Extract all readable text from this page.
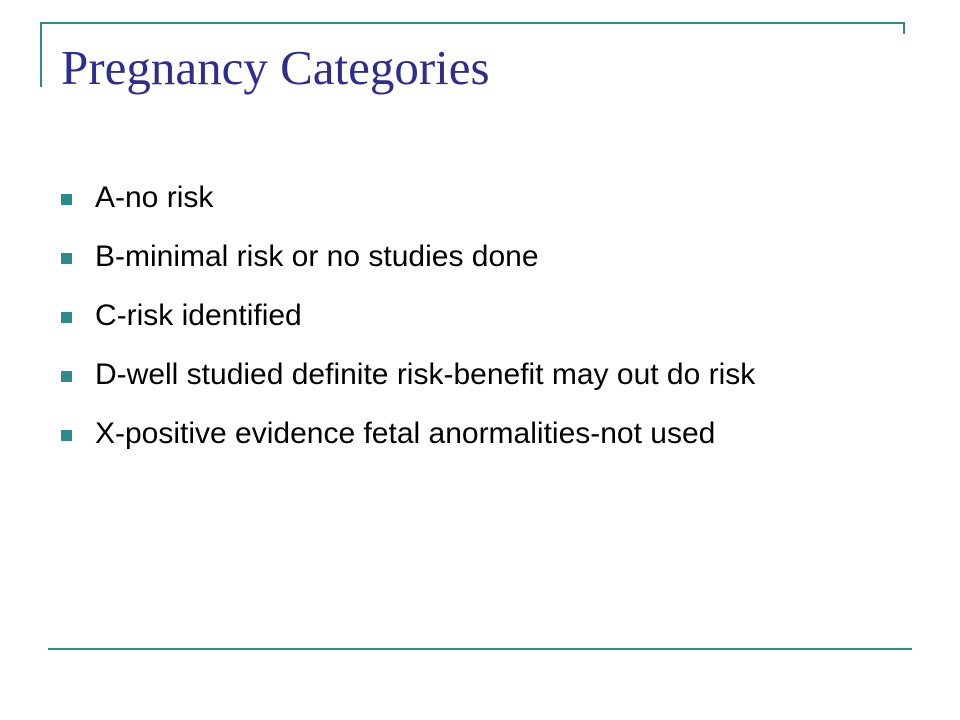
Pregnancy Categories
A-no risk
B-minimal risk or no studies done
C-risk identified
D-well studied definite risk-benefit may out do risk
X-positive evidence fetal anormalities-not used
